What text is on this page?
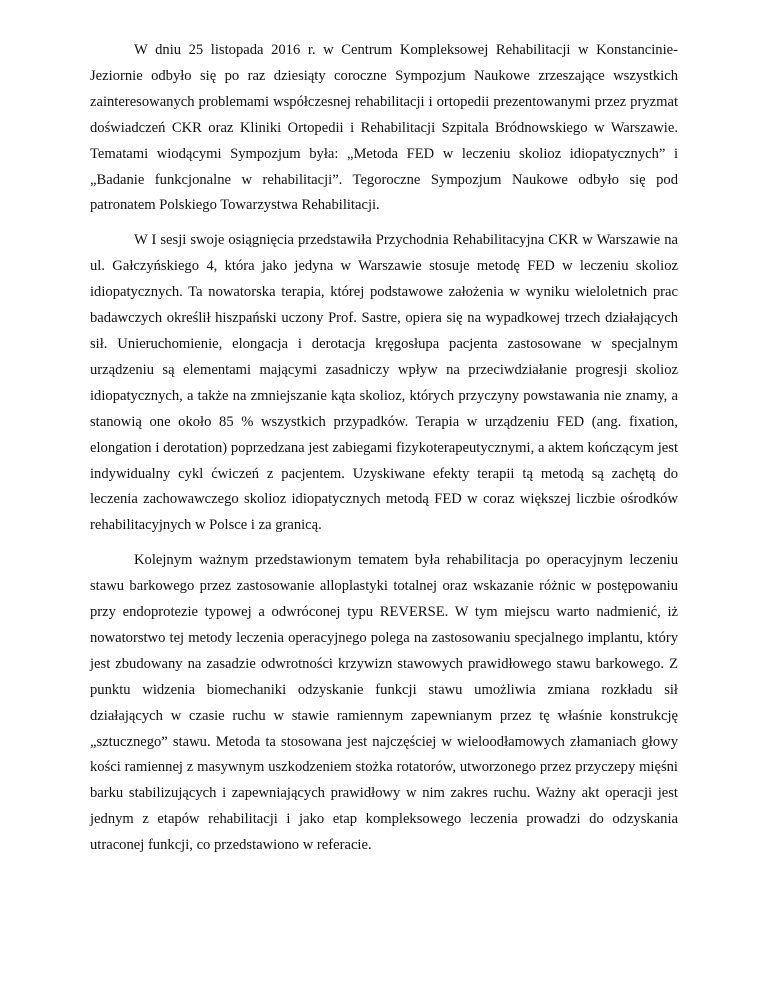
W dniu 25 listopada 2016 r. w Centrum Kompleksowej Rehabilitacji w Konstancinie- Jeziornie odbyło się po raz dziesiąty coroczne Sympozjum Naukowe zrzeszające wszystkich zainteresowanych problemami współczesnej rehabilitacji i ortopedii prezentowanymi przez pryzmat doświadczeń CKR oraz Kliniki Ortopedii i Rehabilitacji Szpitala Bródnowskiego w Warszawie. Tematami wiodącymi Sympozjum była: „Metoda FED w leczeniu skolioz idiopatycznych” i „Badanie funkcjonalne w rehabilitacji”. Tegoroczne Sympozjum Naukowe odbyło się pod patronatem Polskiego Towarzystwa Rehabilitacji.

W I sesji swoje osiągnięcia przedstawiła Przychodnia Rehabilitacyjna CKR w Warszawie na ul. Gałczyńskiego 4, która jako jedyna w Warszawie stosuje metodę FED w leczeniu skolioz idiopatycznych. Ta nowatorska terapia, której podstawowe założenia w wyniku wieloletnich prac badawczych określił hiszpański uczony Prof. Sastre, opiera się na wypadkowej trzech działających sił. Unieruchomienie, elongacja i derotacja kręgosłupa pacjenta zastosowane w specjalnym urządzeniu są elementami mającymi zasadniczy wpływ na przeciwdziałanie progresji skolioz idiopatycznych, a także na zmniejszanie kąta skolioz, których przyczyny powstawania nie znamy, a stanowią one około 85 % wszystkich przypadków. Terapia w urządzeniu FED (ang. fixation, elongation i derotation) poprzedzana jest zabiegami fizykoterapeutycznymi, a aktem kończącym jest indywidualny cykl ćwiczeń z pacjentem. Uzyskiwane efekty terapii tą metodą są zachętą do leczenia zachowawczego skolioz idiopatycznych metodą FED w coraz większej liczbie ośrodków rehabilitacyjnych w Polsce i za granicą.

Kolejnym ważnym przedstawionym tematem była rehabilitacja po operacyjnym leczeniu stawu barkowego przez zastosowanie alloplastyki totalnej oraz wskazanie różnic w postępowaniu przy endoprotezie typowej a odwróconej typu REVERSE. W tym miejscu warto nadmienić, iż nowatorstwo tej metody leczenia operacyjnego polega na zastosowaniu specjalnego implantu, który jest zbudowany na zasadzie odwrotności krzywizn stawowych prawidłowego stawu barkowego. Z punktu widzenia biomechaniki odzyskanie funkcji stawu umożliwia zmiana rozkładu sił działających w czasie ruchu w stawie ramiennym zapewnianym przez tę właśnie konstrukcję „sztucznego” stawu. Metoda ta stosowana jest najczęściej w wieloodłamowych złamaniach głowy kości ramiennej z masywnym uszkodzeniem stożka rotatorów, utworzonego przez przyczepy mięśni barku stabilizujących i zapewniających prawidłowy w nim zakres ruchu. Ważny akt operacji jest jednym z etapów rehabilitacji i jako etap kompleksowego leczenia prowadzi do odzyskania utraconej funkcji, co przedstawiono w referacie.
